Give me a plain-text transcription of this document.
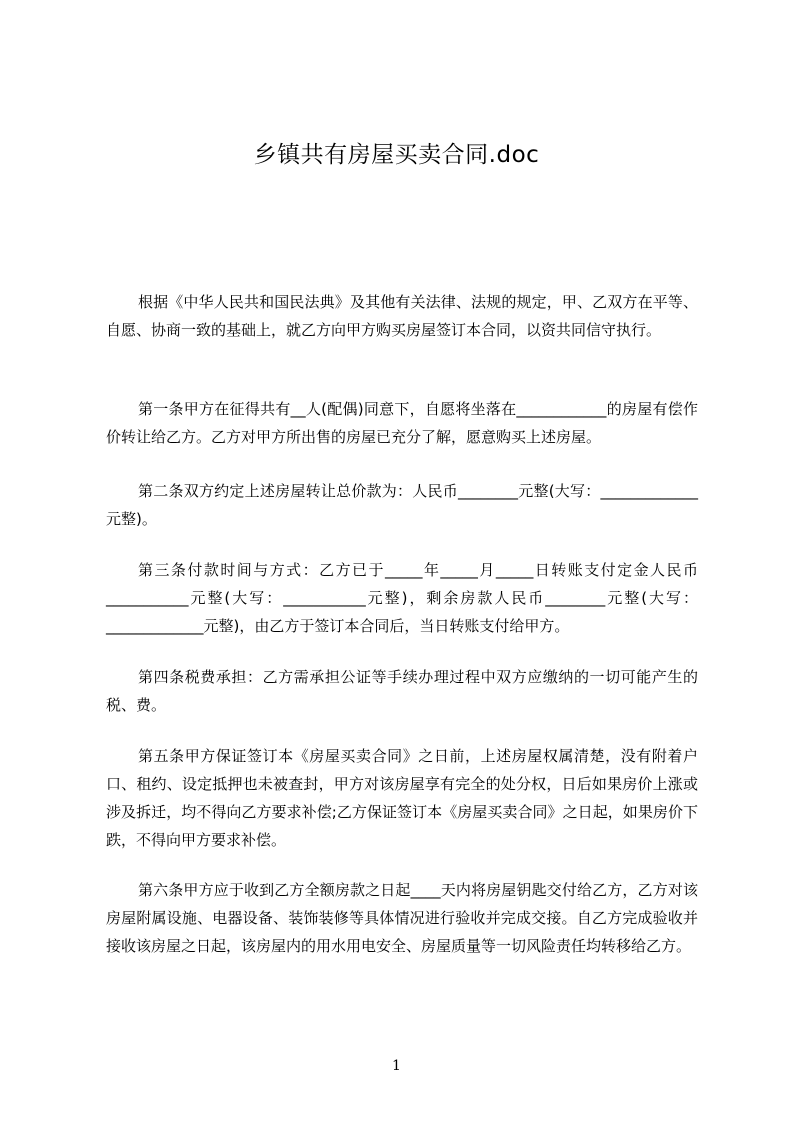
乡镇共有房屋买卖合同.doc

根据《中华人民共和国民法典》及其他有关法律、法规的规定，甲、乙双方在平等、自愿、协商一致的基础上，就乙方向甲方购买房屋签订本合同，以资共同信守执行。

第一条甲方在征得共有__人(配偶)同意下，自愿将坐落在____________的房屋有偿作价转让给乙方。乙方对甲方所出售的房屋已充分了解，愿意购买上述房屋。

第二条双方约定上述房屋转让总价款为：人民币________元整(大写：_____________元整)。

第三条付款时间与方式：乙方已于_____年_____月_____日转账支付定金人民币___________元整(大写：___________元整)，剩余房款人民币________元整(大写：_____________元整)，由乙方于签订本合同后，当日转账支付给甲方。

第四条税费承担：乙方需承担公证等手续办理过程中双方应缴纳的一切可能产生的税、费。

第五条甲方保证签订本《房屋买卖合同》之日前，上述房屋权属清楚，没有附着户口、租约、设定抵押也未被查封，甲方对该房屋享有完全的处分权，日后如果房价上涨或涉及拆迁，均不得向乙方要求补偿;乙方保证签订本《房屋买卖合同》之日起，如果房价下跌，不得向甲方要求补偿。

第六条甲方应于收到乙方全额房款之日起____天内将房屋钥匙交付给乙方，乙方对该房屋附属设施、电器设备、装饰装修等具体情况进行验收并完成交接。自乙方完成验收并接收该房屋之日起，该房屋内的用水用电安全、房屋质量等一切风险责任均转移给乙方。

1
